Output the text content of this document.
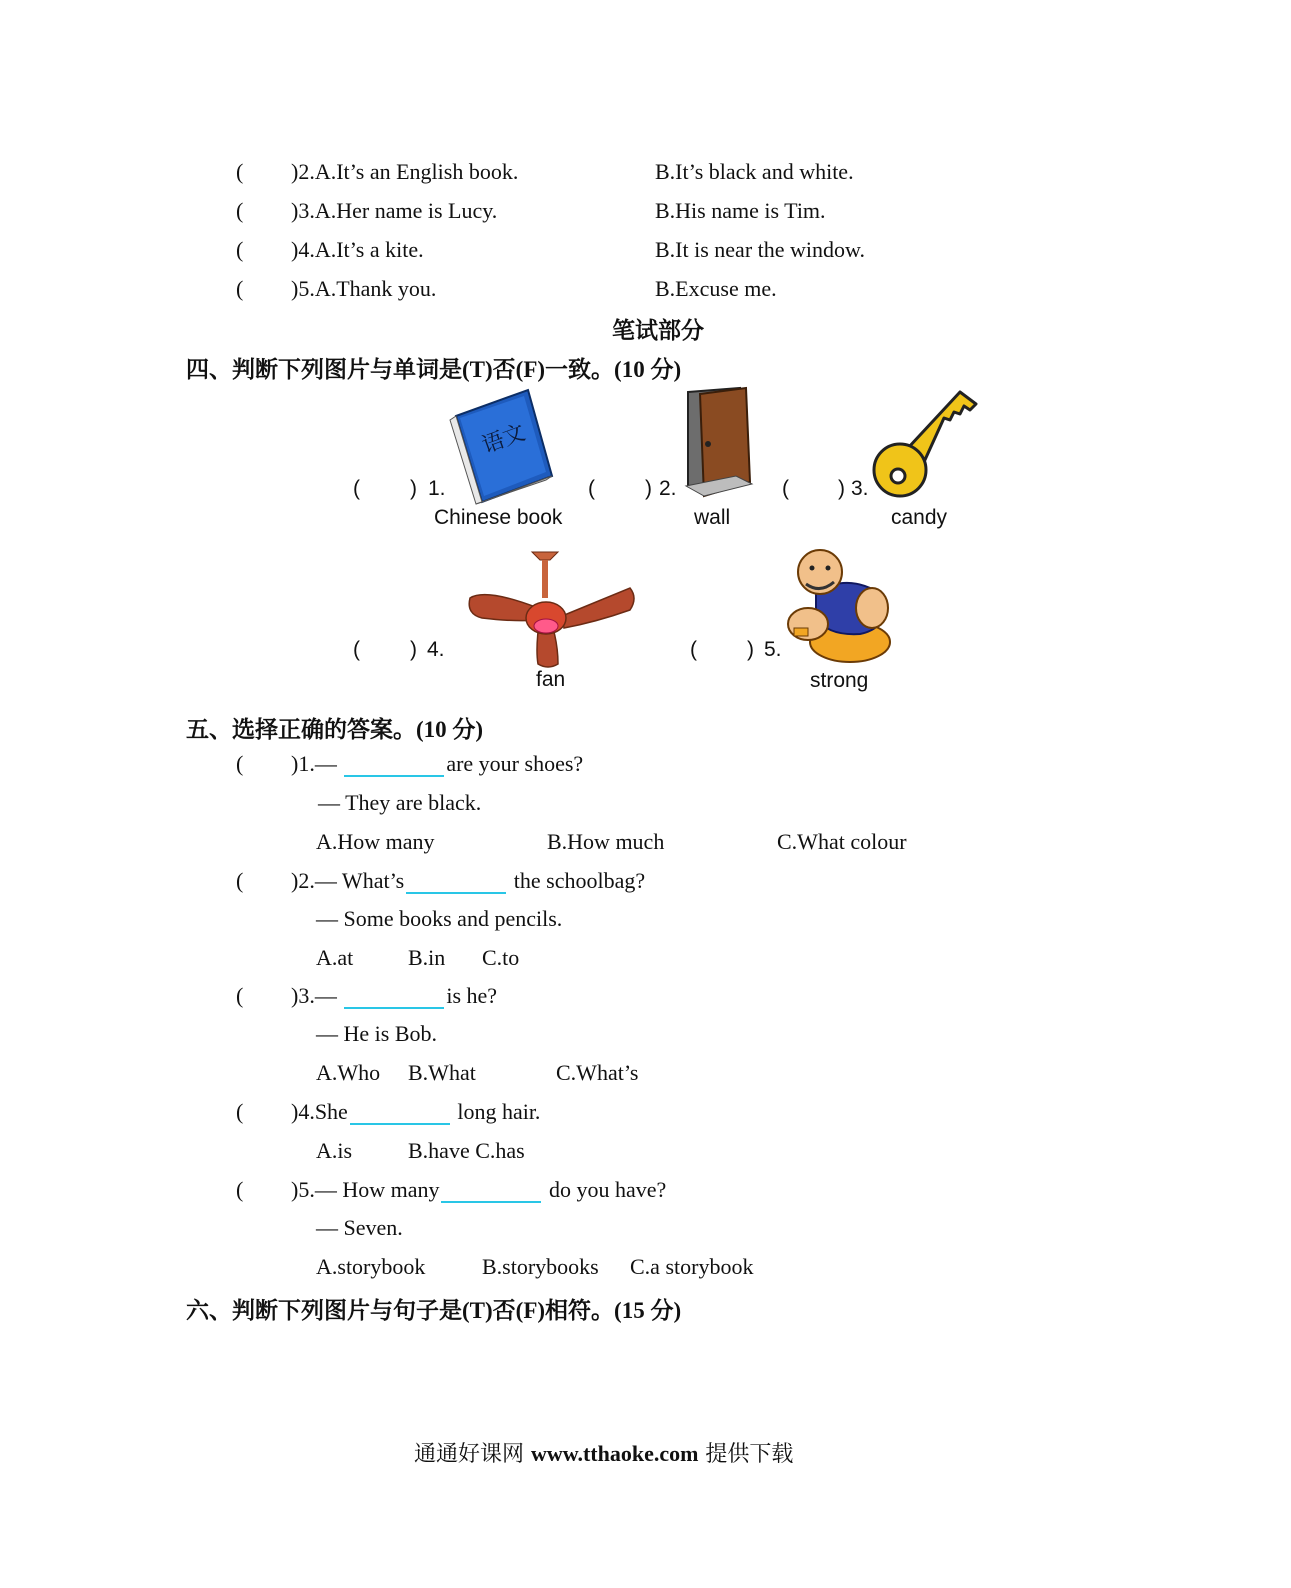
( )2.A.It’s an English book.	B.It’s black and white.
( )3.A.Her name is Lucy.	B.His name is Tim.
( )4.A.It’s a kite.	B.It is near the window.
( )5.A.Thank you.	B.Excuse me.
笔试部分
四、判断下列图片与单词是(T)否(F)一致。(10 分)
( ) 1.
语文
Chinese book
( ) 2.
wall
( ) 3.
candy
( ) 4.
fan
( ) 5.
strong
五、选择正确的答案。(10 分)
( )1.—	are your shoes?
— They are black.
A.How many	B.How much	C.What colour
( )2.— What’s	the schoolbag?
— Some books and pencils.
A.at B.in C.to
( )3.—	is he?
— He is Bob.
A.Who B.What	C.What’s
( )4.She	long hair.
A.is	B.have C.has
( )5.— How many	do you have?
— Seven.
A.storybook	B.storybooks C.a storybook
六、判断下列图片与句子是(T)否(F)相符。(15 分)
通通好课网 www.tthaoke.com 提供下载
